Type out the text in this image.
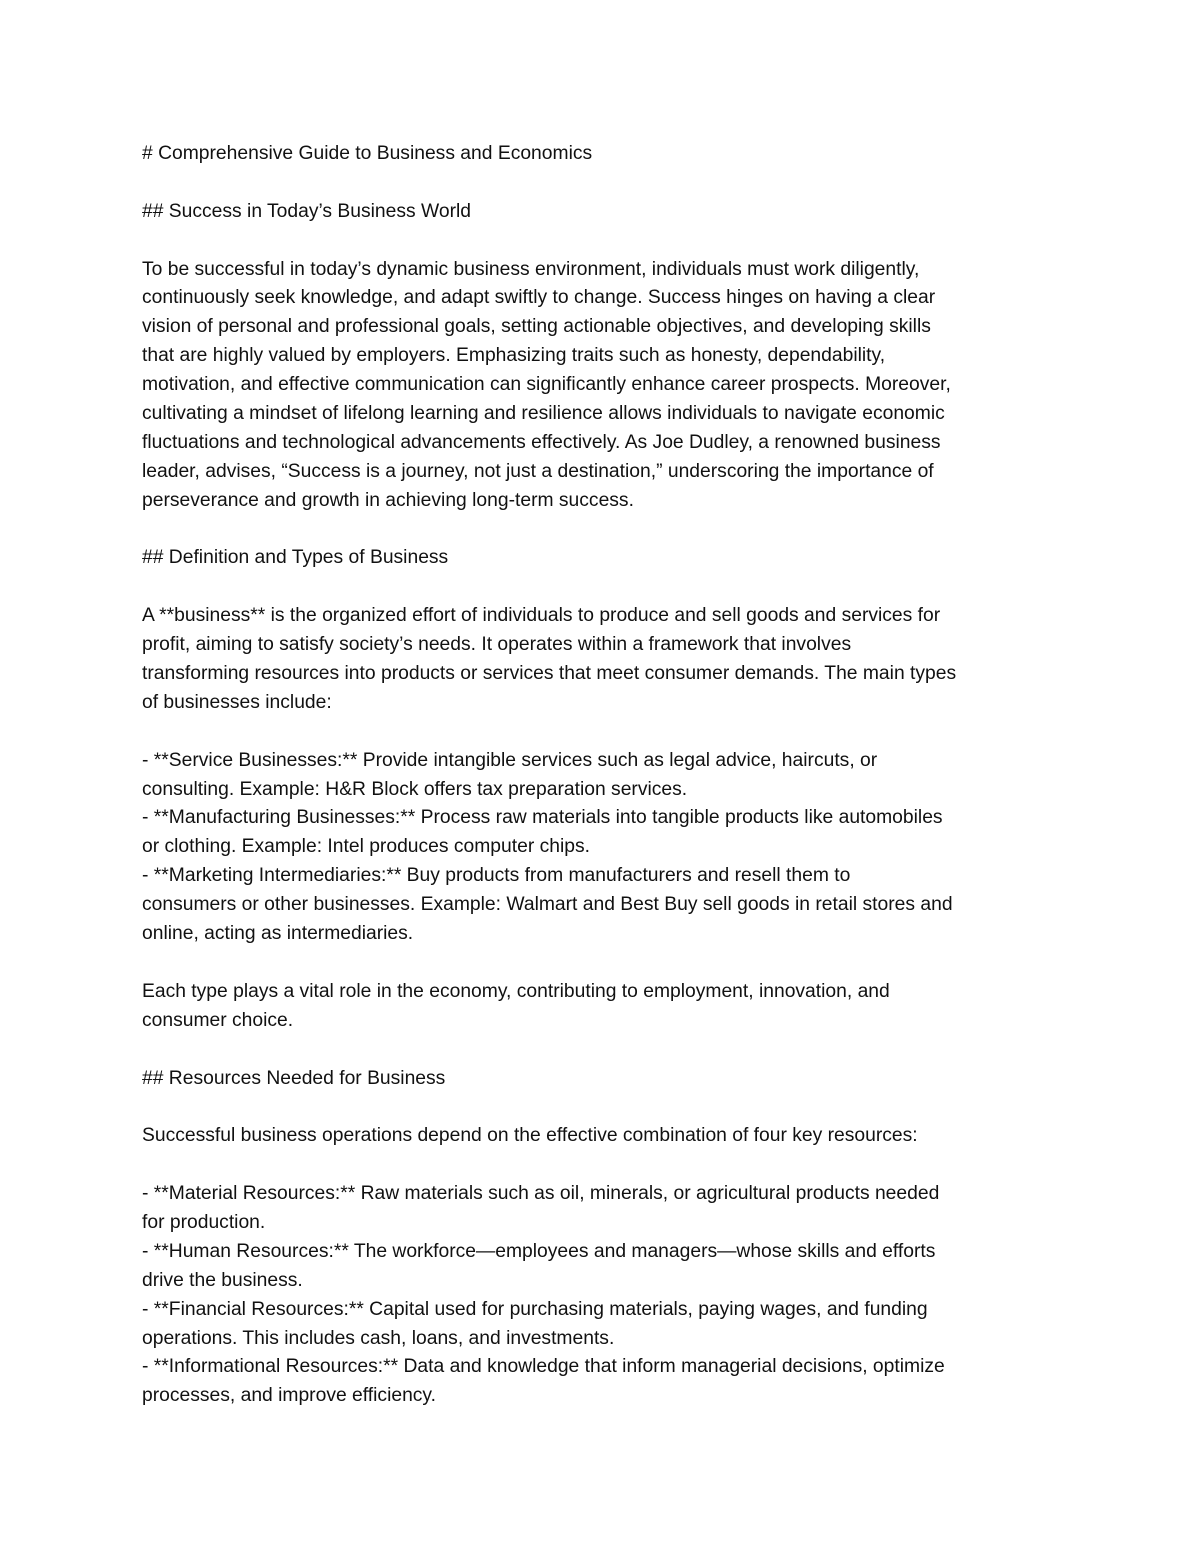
# Comprehensive Guide to Business and Economics
## Success in Today’s Business World
To be successful in today’s dynamic business environment, individuals must work diligently,
continuously seek knowledge, and adapt swiftly to change. Success hinges on having a clear
vision of personal and professional goals, setting actionable objectives, and developing skills
that are highly valued by employers. Emphasizing traits such as honesty, dependability,
motivation, and effective communication can significantly enhance career prospects. Moreover,
cultivating a mindset of lifelong learning and resilience allows individuals to navigate economic
fluctuations and technological advancements effectively. As Joe Dudley, a renowned business
leader, advises, “Success is a journey, not just a destination,” underscoring the importance of
perseverance and growth in achieving long-term success.
## Definition and Types of Business
A **business** is the organized effort of individuals to produce and sell goods and services for
profit, aiming to satisfy society’s needs. It operates within a framework that involves
transforming resources into products or services that meet consumer demands. The main types
of businesses include:
- **Service Businesses:** Provide intangible services such as legal advice, haircuts, or
consulting. Example: H&R Block offers tax preparation services.
- **Manufacturing Businesses:** Process raw materials into tangible products like automobiles
or clothing. Example: Intel produces computer chips.
- **Marketing Intermediaries:** Buy products from manufacturers and resell them to
consumers or other businesses. Example: Walmart and Best Buy sell goods in retail stores and
online, acting as intermediaries.
Each type plays a vital role in the economy, contributing to employment, innovation, and
consumer choice.
## Resources Needed for Business
Successful business operations depend on the effective combination of four key resources:
- **Material Resources:** Raw materials such as oil, minerals, or agricultural products needed
for production.
- **Human Resources:** The workforce—employees and managers—whose skills and efforts
drive the business.
- **Financial Resources:** Capital used for purchasing materials, paying wages, and funding
operations. This includes cash, loans, and investments.
- **Informational Resources:** Data and knowledge that inform managerial decisions, optimize
processes, and improve efficiency.
